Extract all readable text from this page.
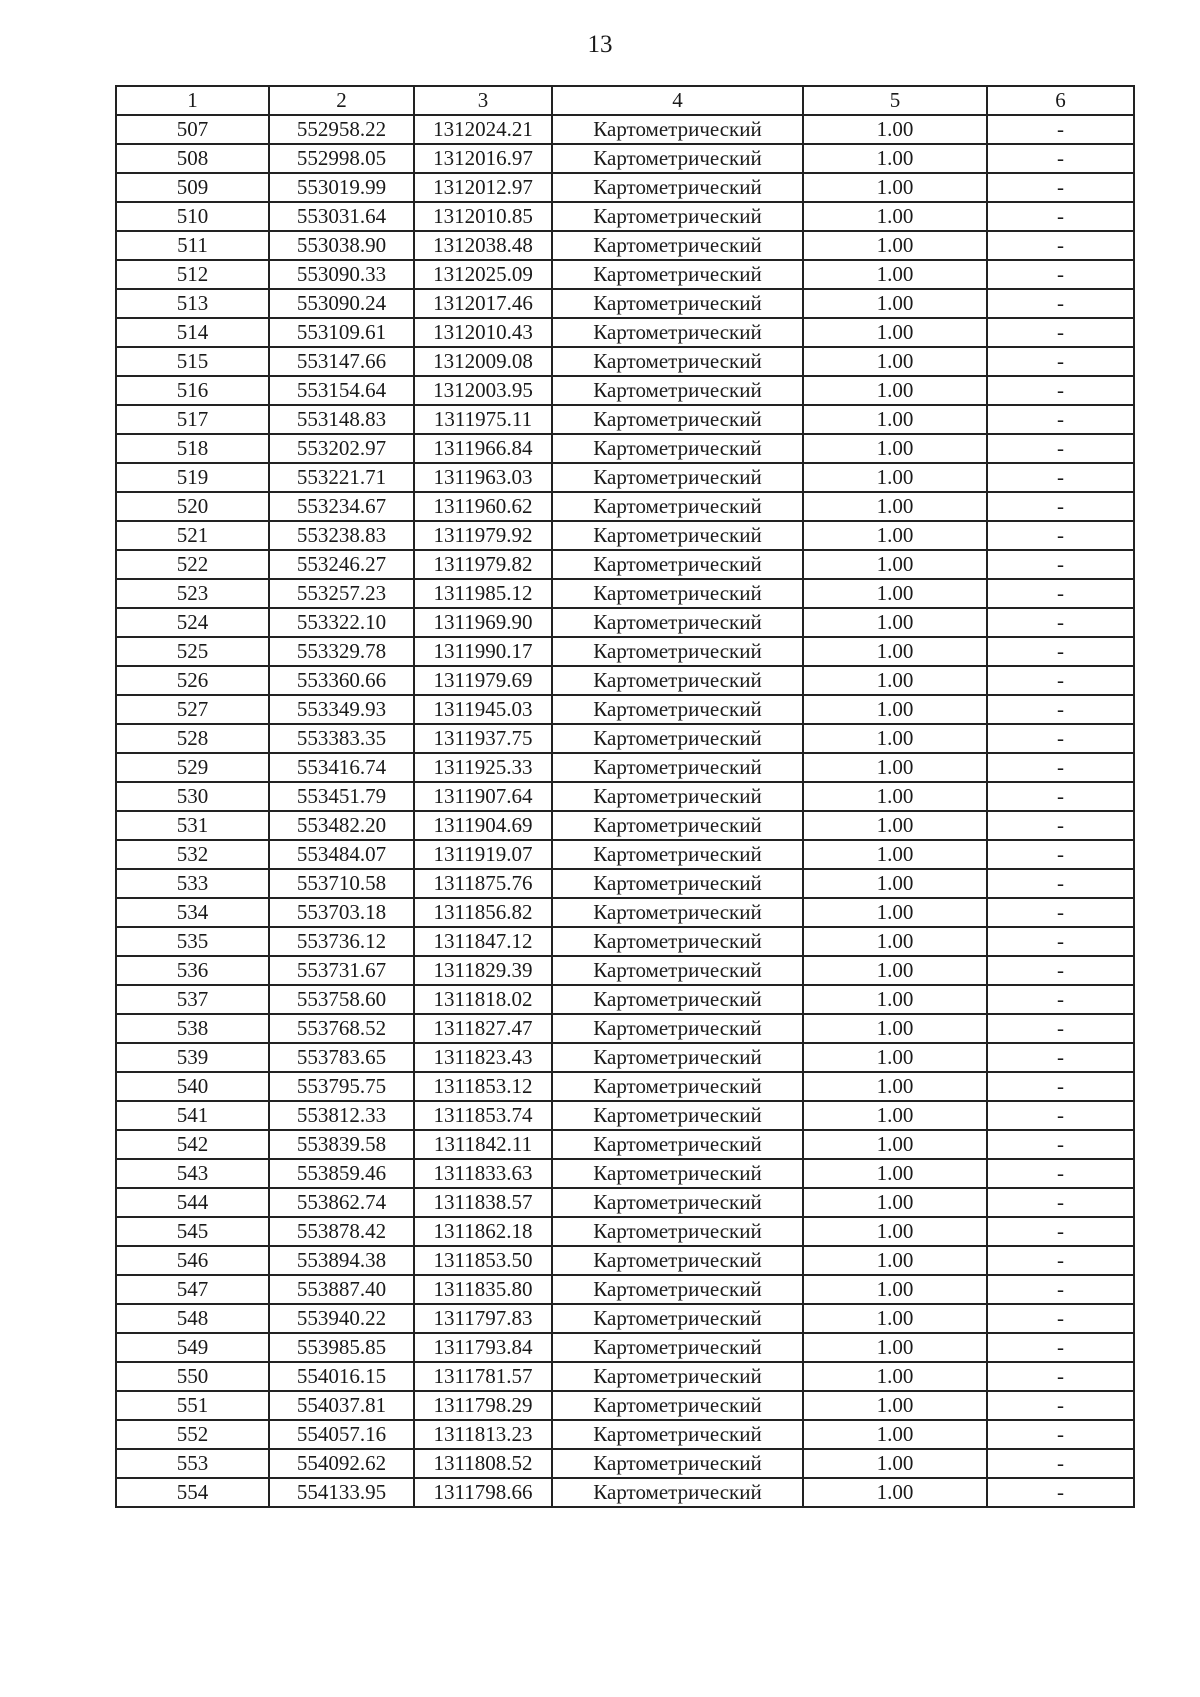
13
1	2	3	4	5	6
507	552958.22	1312024.21	Картометрический	1.00	-
508	552998.05	1312016.97	Картометрический	1.00	-
509	553019.99	1312012.97	Картометрический	1.00	-
510	553031.64	1312010.85	Картометрический	1.00	-
511	553038.90	1312038.48	Картометрический	1.00	-
512	553090.33	1312025.09	Картометрический	1.00	-
513	553090.24	1312017.46	Картометрический	1.00	-
514	553109.61	1312010.43	Картометрический	1.00	-
515	553147.66	1312009.08	Картометрический	1.00	-
516	553154.64	1312003.95	Картометрический	1.00	-
517	553148.83	1311975.11	Картометрический	1.00	-
518	553202.97	1311966.84	Картометрический	1.00	-
519	553221.71	1311963.03	Картометрический	1.00	-
520	553234.67	1311960.62	Картометрический	1.00	-
521	553238.83	1311979.92	Картометрический	1.00	-
522	553246.27	1311979.82	Картометрический	1.00	-
523	553257.23	1311985.12	Картометрический	1.00	-
524	553322.10	1311969.90	Картометрический	1.00	-
525	553329.78	1311990.17	Картометрический	1.00	-
526	553360.66	1311979.69	Картометрический	1.00	-
527	553349.93	1311945.03	Картометрический	1.00	-
528	553383.35	1311937.75	Картометрический	1.00	-
529	553416.74	1311925.33	Картометрический	1.00	-
530	553451.79	1311907.64	Картометрический	1.00	-
531	553482.20	1311904.69	Картометрический	1.00	-
532	553484.07	1311919.07	Картометрический	1.00	-
533	553710.58	1311875.76	Картометрический	1.00	-
534	553703.18	1311856.82	Картометрический	1.00	-
535	553736.12	1311847.12	Картометрический	1.00	-
536	553731.67	1311829.39	Картометрический	1.00	-
537	553758.60	1311818.02	Картометрический	1.00	-
538	553768.52	1311827.47	Картометрический	1.00	-
539	553783.65	1311823.43	Картометрический	1.00	-
540	553795.75	1311853.12	Картометрический	1.00	-
541	553812.33	1311853.74	Картометрический	1.00	-
542	553839.58	1311842.11	Картометрический	1.00	-
543	553859.46	1311833.63	Картометрический	1.00	-
544	553862.74	1311838.57	Картометрический	1.00	-
545	553878.42	1311862.18	Картометрический	1.00	-
546	553894.38	1311853.50	Картометрический	1.00	-
547	553887.40	1311835.80	Картометрический	1.00	-
548	553940.22	1311797.83	Картометрический	1.00	-
549	553985.85	1311793.84	Картометрический	1.00	-
550	554016.15	1311781.57	Картометрический	1.00	-
551	554037.81	1311798.29	Картометрический	1.00	-
552	554057.16	1311813.23	Картометрический	1.00	-
553	554092.62	1311808.52	Картометрический	1.00	-
554	554133.95	1311798.66	Картометрический	1.00	-
